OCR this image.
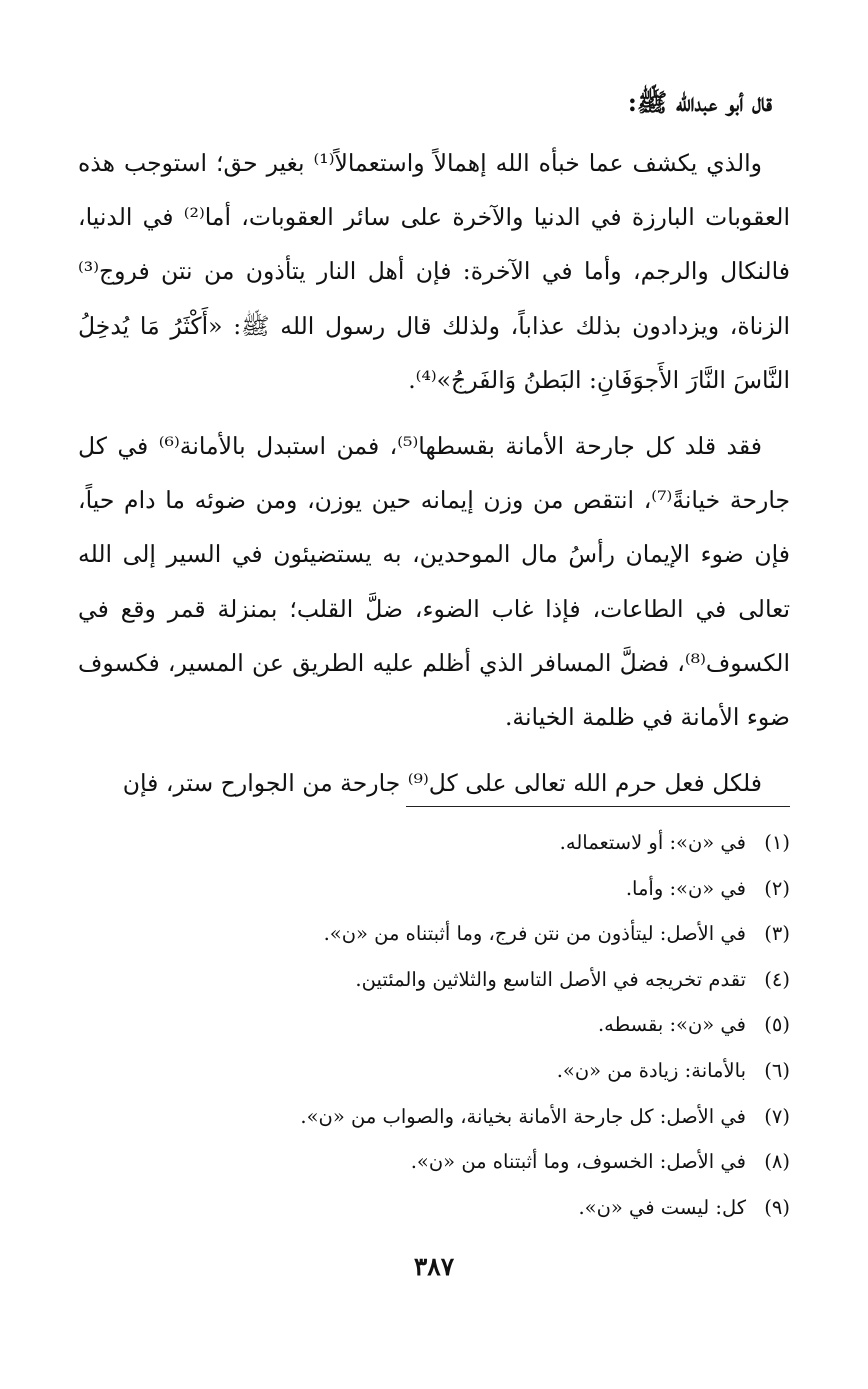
قال أبو عبدالله ﷺ:

والذي يكشف عما خبأه الله إهمالاً واستعمالاً⁽¹⁾ بغير حق؛ استوجب هذه العقوبات البارزة في الدنيا والآخرة على سائر العقوبات، أما⁽²⁾ في الدنيا، فالنكال والرجم، وأما في الآخرة: فإن أهل النار يتأذون من نتن فروج⁽³⁾ الزناة، ويزدادون بذلك عذاباً، ولذلك قال رسول الله ﷺ: «أَكْثَرُ مَا يُدخِلُ النَّاسَ النَّارَ الأَجوَفَانِ: البَطنُ وَالفَرجُ»⁽⁴⁾.

فقد قلد كل جارحة الأمانة بقسطها⁽⁵⁾، فمن استبدل بالأمانة⁽⁶⁾ في كل جارحة خيانةً⁽⁷⁾، انتقص من وزن إيمانه حين يوزن، ومن ضوئه ما دام حياً، فإن ضوء الإيمان رأسُ مال الموحدين، به يستضيئون في السير إلى الله تعالى في الطاعات، فإذا غاب الضوء، ضلَّ القلب؛ بمنزلة قمر وقع في الكسوف⁽⁸⁾، فضلَّ المسافر الذي أظلم عليه الطريق عن المسير، فكسوف ضوء الأمانة في ظلمة الخيانة.

فلكل فعل حرم الله تعالى على كل⁽⁹⁾ جارحة من الجوارح ستر، فإن

(١)
في «ن»: أو لاستعماله.
(٢)
في «ن»: وأما.
(٣)
في الأصل: ليتأذون من نتن فرج، وما أثبتناه من «ن».
(٤)
تقدم تخريجه في الأصل التاسع والثلاثين والمئتين.
(٥)
في «ن»: بقسطه.
(٦)
بالأمانة: زيادة من «ن».
(٧)
في الأصل: كل جارحة الأمانة بخيانة، والصواب من «ن».
(٨)
في الأصل: الخسوف، وما أثبتناه من «ن».
(٩)
كل: ليست في «ن».
٣٨٧
